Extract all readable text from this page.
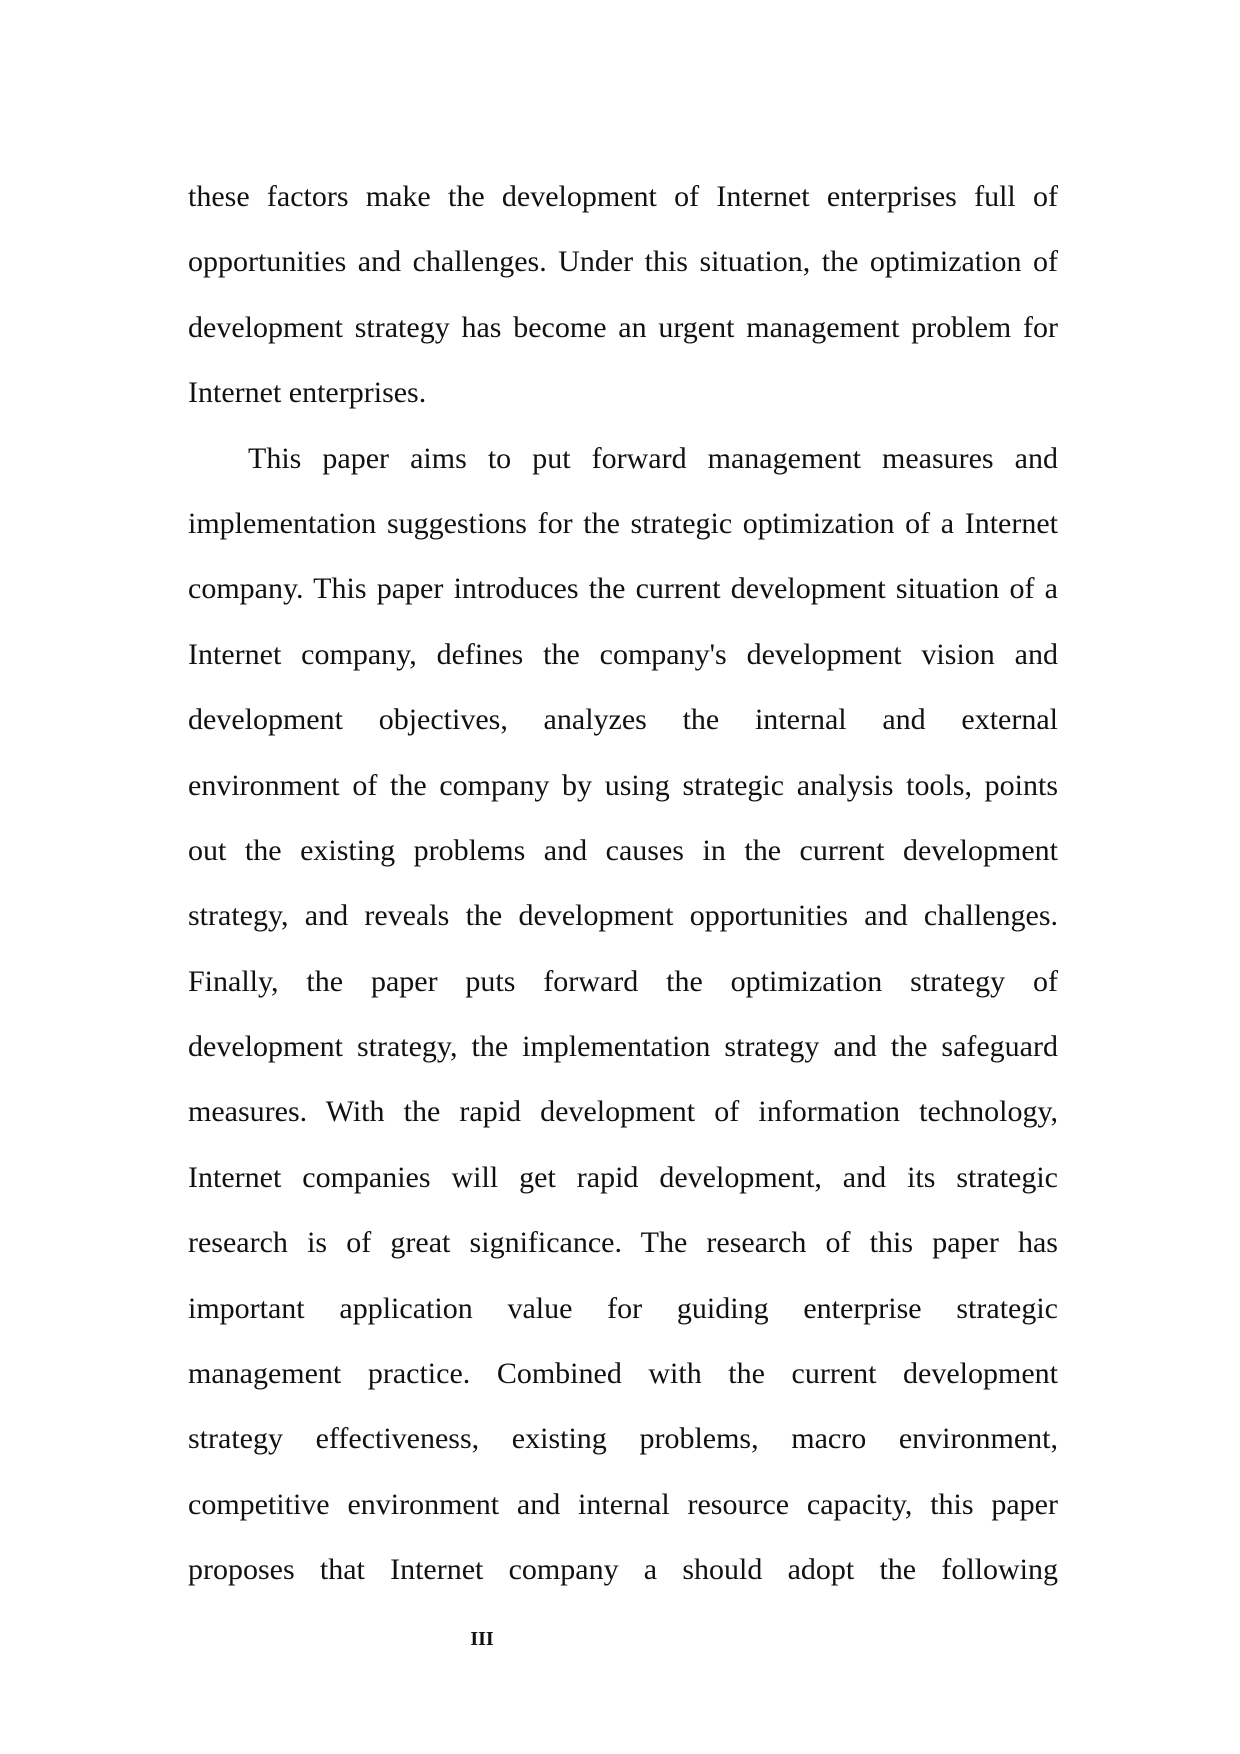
these factors make the development of Internet enterprises full of
opportunities and challenges. Under this situation, the optimization of
development strategy has become an urgent management problem for
Internet enterprises.
This paper aims to put forward management measures and
implementation suggestions for the strategic optimization of a Internet
company. This paper introduces the current development situation of a
Internet company, defines the company's development vision and
development objectives, analyzes the internal and external
environment of the company by using strategic analysis tools, points
out the existing problems and causes in the current development
strategy, and reveals the development opportunities and challenges.
Finally, the paper puts forward the optimization strategy of
development strategy, the implementation strategy and the safeguard
measures. With the rapid development of information technology,
Internet companies will get rapid development, and its strategic
research is of great significance. The research of this paper has
important application value for guiding enterprise strategic
management practice. Combined with the current development
strategy effectiveness, existing problems, macro environment,
competitive environment and internal resource capacity, this paper
proposes that Internet company a should adopt the following
III
